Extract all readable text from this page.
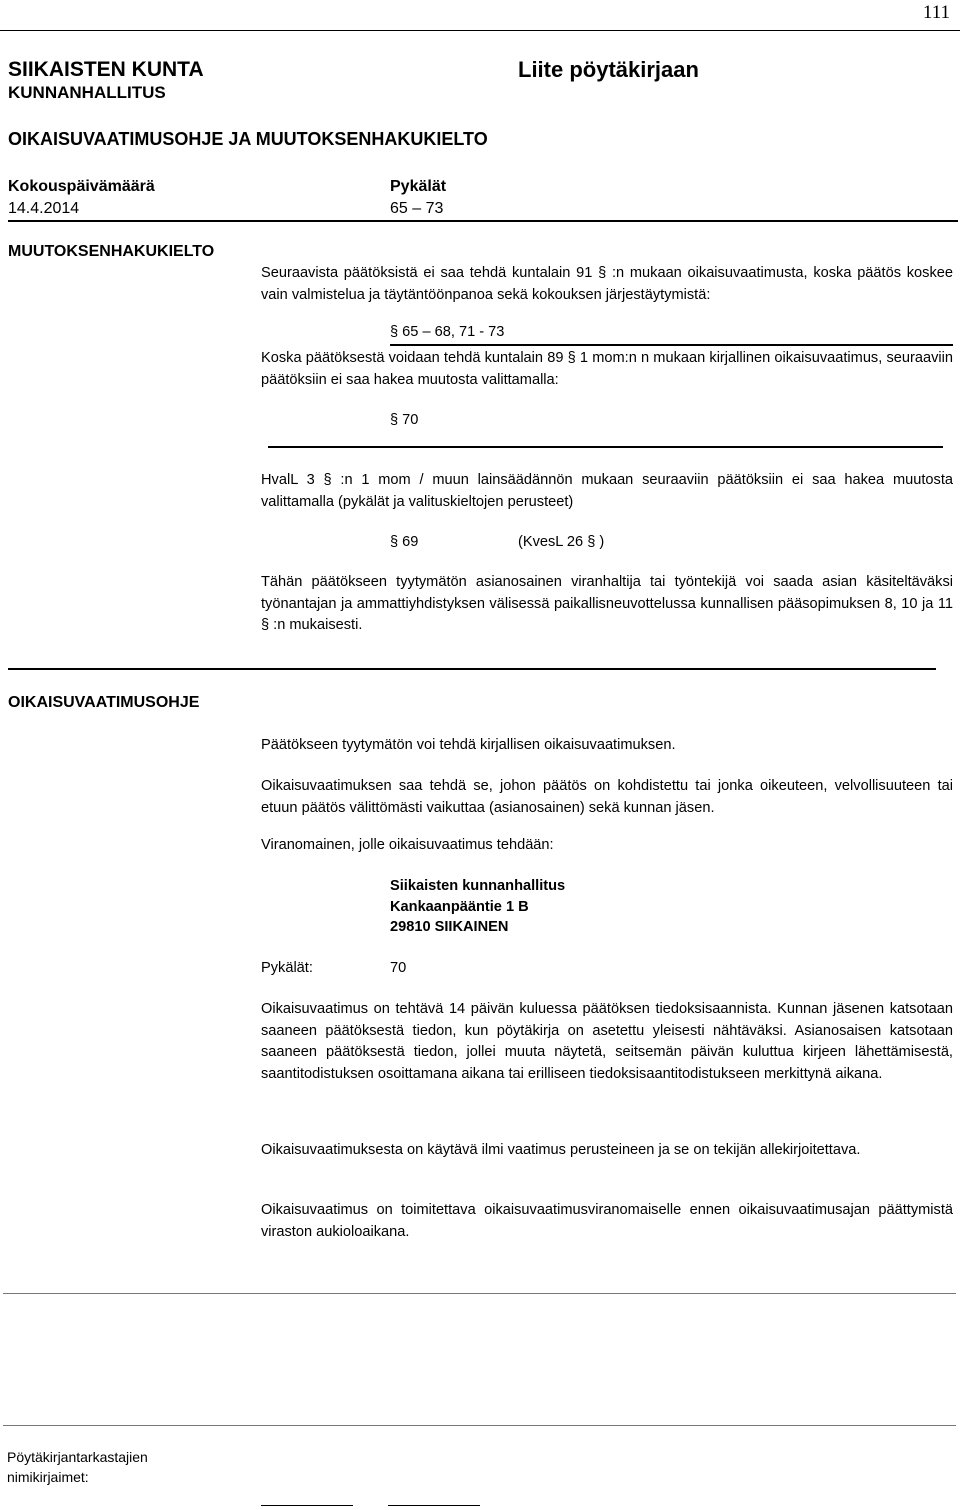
111
SIIKAISTEN KUNTA
KUNNANHALLITUS
Liite pöytäkirjaan
OIKAISUVAATIMUSOHJE JA MUUTOKSENHAKUKIELTO
Kokouspäivämäärä
14.4.2014
Pykälät
65 – 73
MUUTOKSENHAKUKIELTO

Seuraavista päätöksistä ei saa tehdä kuntalain 91 § :n mukaan oikaisuvaatimusta, koska päätös koskee vain valmistelua ja täytäntöönpanoa sekä kokouksen järjestäytymistä:

§ 65 – 68, 71 - 73

Koska päätöksestä voidaan tehdä kuntalain 89 § 1 mom:n n mukaan kirjallinen oikaisuvaatimus, seuraaviin päätöksiin ei saa hakea muutosta valittamalla:

§ 70

HvalL 3 § :n 1 mom / muun lainsäädännön mukaan seuraaviin päätöksiin ei saa hakea muutosta valittamalla (pykälät ja valituskieltojen perusteet)

§ 69	(KvesL 26 § )

Tähän päätökseen tyytymätön asianosainen viranhaltija tai työntekijä voi saada asian käsiteltäväksi työnantajan ja ammattiyhdistyksen välisessä paikallisneuvottelussa kunnallisen pääsopimuksen 8, 10 ja 11 § :n mukaisesti.

OIKAISUVAATIMUSOHJE

Päätökseen tyytymätön voi tehdä kirjallisen oikaisuvaatimuksen.

Oikaisuvaatimuksen saa tehdä se, johon päätös on kohdistettu tai jonka oikeuteen, velvollisuuteen tai etuun päätös välittömästi vaikuttaa (asianosainen) sekä kunnan jäsen.

Viranomainen, jolle oikaisuvaatimus tehdään:
Siikaisten kunnanhallitus
Kankaanpääntie 1 B
29810 SIIKAINEN
Pykälät:	70

Oikaisuvaatimus on tehtävä 14 päivän kuluessa päätöksen tiedoksisaannista. Kunnan jäsenen katsotaan saaneen päätöksestä tiedon, kun pöytäkirja on asetettu yleisesti nähtäväksi. Asianosaisen katsotaan saaneen päätöksestä tiedon, jollei muuta näytetä, seitsemän päivän kuluttua kirjeen lähettämisestä, saantitodistuksen osoittamana aikana tai erilliseen tiedoksisaantitodistukseen merkittynä aikana.

Oikaisuvaatimuksesta on käytävä ilmi vaatimus perusteineen ja se on tekijän allekirjoitettava.

Oikaisuvaatimus on toimitettava oikaisuvaatimusviranomaiselle ennen oikaisuvaatimusajan päättymistä viraston aukioloaikana.

Pöytäkirjantarkastajien
nimikirjaimet:
